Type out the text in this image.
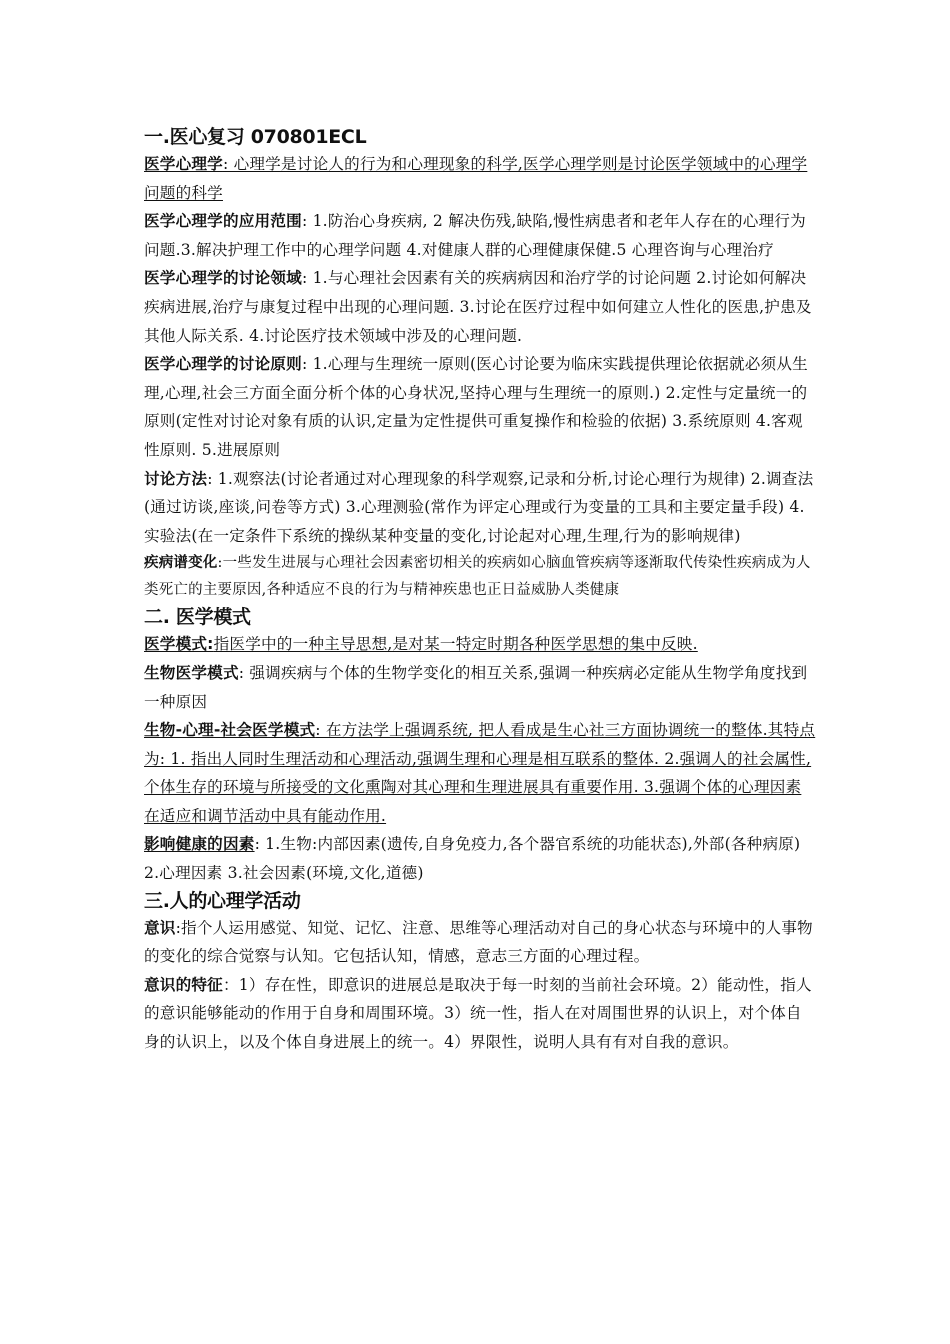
一.医心复习 070801ECL

医学心理学: 心理学是讨论人的行为和心理现象的科学,医学心理学则是讨论医学领域中的心理学问题的科学

医学心理学的应用范围: 1.防治心身疾病, 2 解决伤残,缺陷,慢性病患者和老年人存在的心理行为问题.3.解决护理工作中的心理学问题 4.对健康人群的心理健康保健.5 心理咨询与心理治疗

医学心理学的讨论领域: 1.与心理社会因素有关的疾病病因和治疗学的讨论问题 2.讨论如何解决疾病进展,治疗与康复过程中出现的心理问题. 3.讨论在医疗过程中如何建立人性化的医患,护患及其他人际关系. 4.讨论医疗技术领域中涉及的心理问题.

医学心理学的讨论原则: 1.心理与生理统一原则(医心讨论要为临床实践提供理论依据就必须从生理,心理,社会三方面全面分析个体的心身状况,坚持心理与生理统一的原则.) 2.定性与定量统一的原则(定性对讨论对象有质的认识,定量为定性提供可重复操作和检验的依据) 3.系统原则 4.客观性原则. 5.进展原则

讨论方法: 1.观察法(讨论者通过对心理现象的科学观察,记录和分析,讨论心理行为规律) 2.调查法(通过访谈,座谈,问卷等方式) 3.心理测验(常作为评定心理或行为变量的工具和主要定量手段) 4.实验法(在一定条件下系统的操纵某种变量的变化,讨论起对心理,生理,行为的影响规律)

疾病谱变化:一些发生进展与心理社会因素密切相关的疾病如心脑血管疾病等逐渐取代传染性疾病成为人类死亡的主要原因,各种适应不良的行为与精神疾患也正日益威胁人类健康

二. 医学模式

医学模式:指医学中的一种主导思想,是对某一特定时期各种医学思想的集中反映.

生物医学模式: 强调疾病与个体的生物学变化的相互关系,强调一种疾病必定能从生物学角度找到一种原因

生物-心理-社会医学模式: 在方法学上强调系统, 把人看成是生心社三方面协调统一的整体.其特点为: 1. 指出人同时生理活动和心理活动,强调生理和心理是相互联系的整体. 2.强调人的社会属性,个体生存的环境与所接受的文化熏陶对其心理和生理进展具有重要作用. 3.强调个体的心理因素在适应和调节活动中具有能动作用.

影响健康的因素: 1.生物:内部因素(遗传,自身免疫力,各个器官系统的功能状态),外部(各种病原) 2.心理因素 3.社会因素(环境,文化,道德)

三.人的心理学活动

意识:指个人运用感觉、知觉、记忆、注意、思维等心理活动对自己的身心状态与环境中的人事物的变化的综合觉察与认知。它包括认知，情感，意志三方面的心理过程。

意识的特征：1）存在性，即意识的进展总是取决于每一时刻的当前社会环境。2）能动性，指人的意识能够能动的作用于自身和周围环境。3）统一性，指人在对周围世界的认识上，对个体自身的认识上，以及个体自身进展上的统一。4）界限性，说明人具有有对自我的意识。
